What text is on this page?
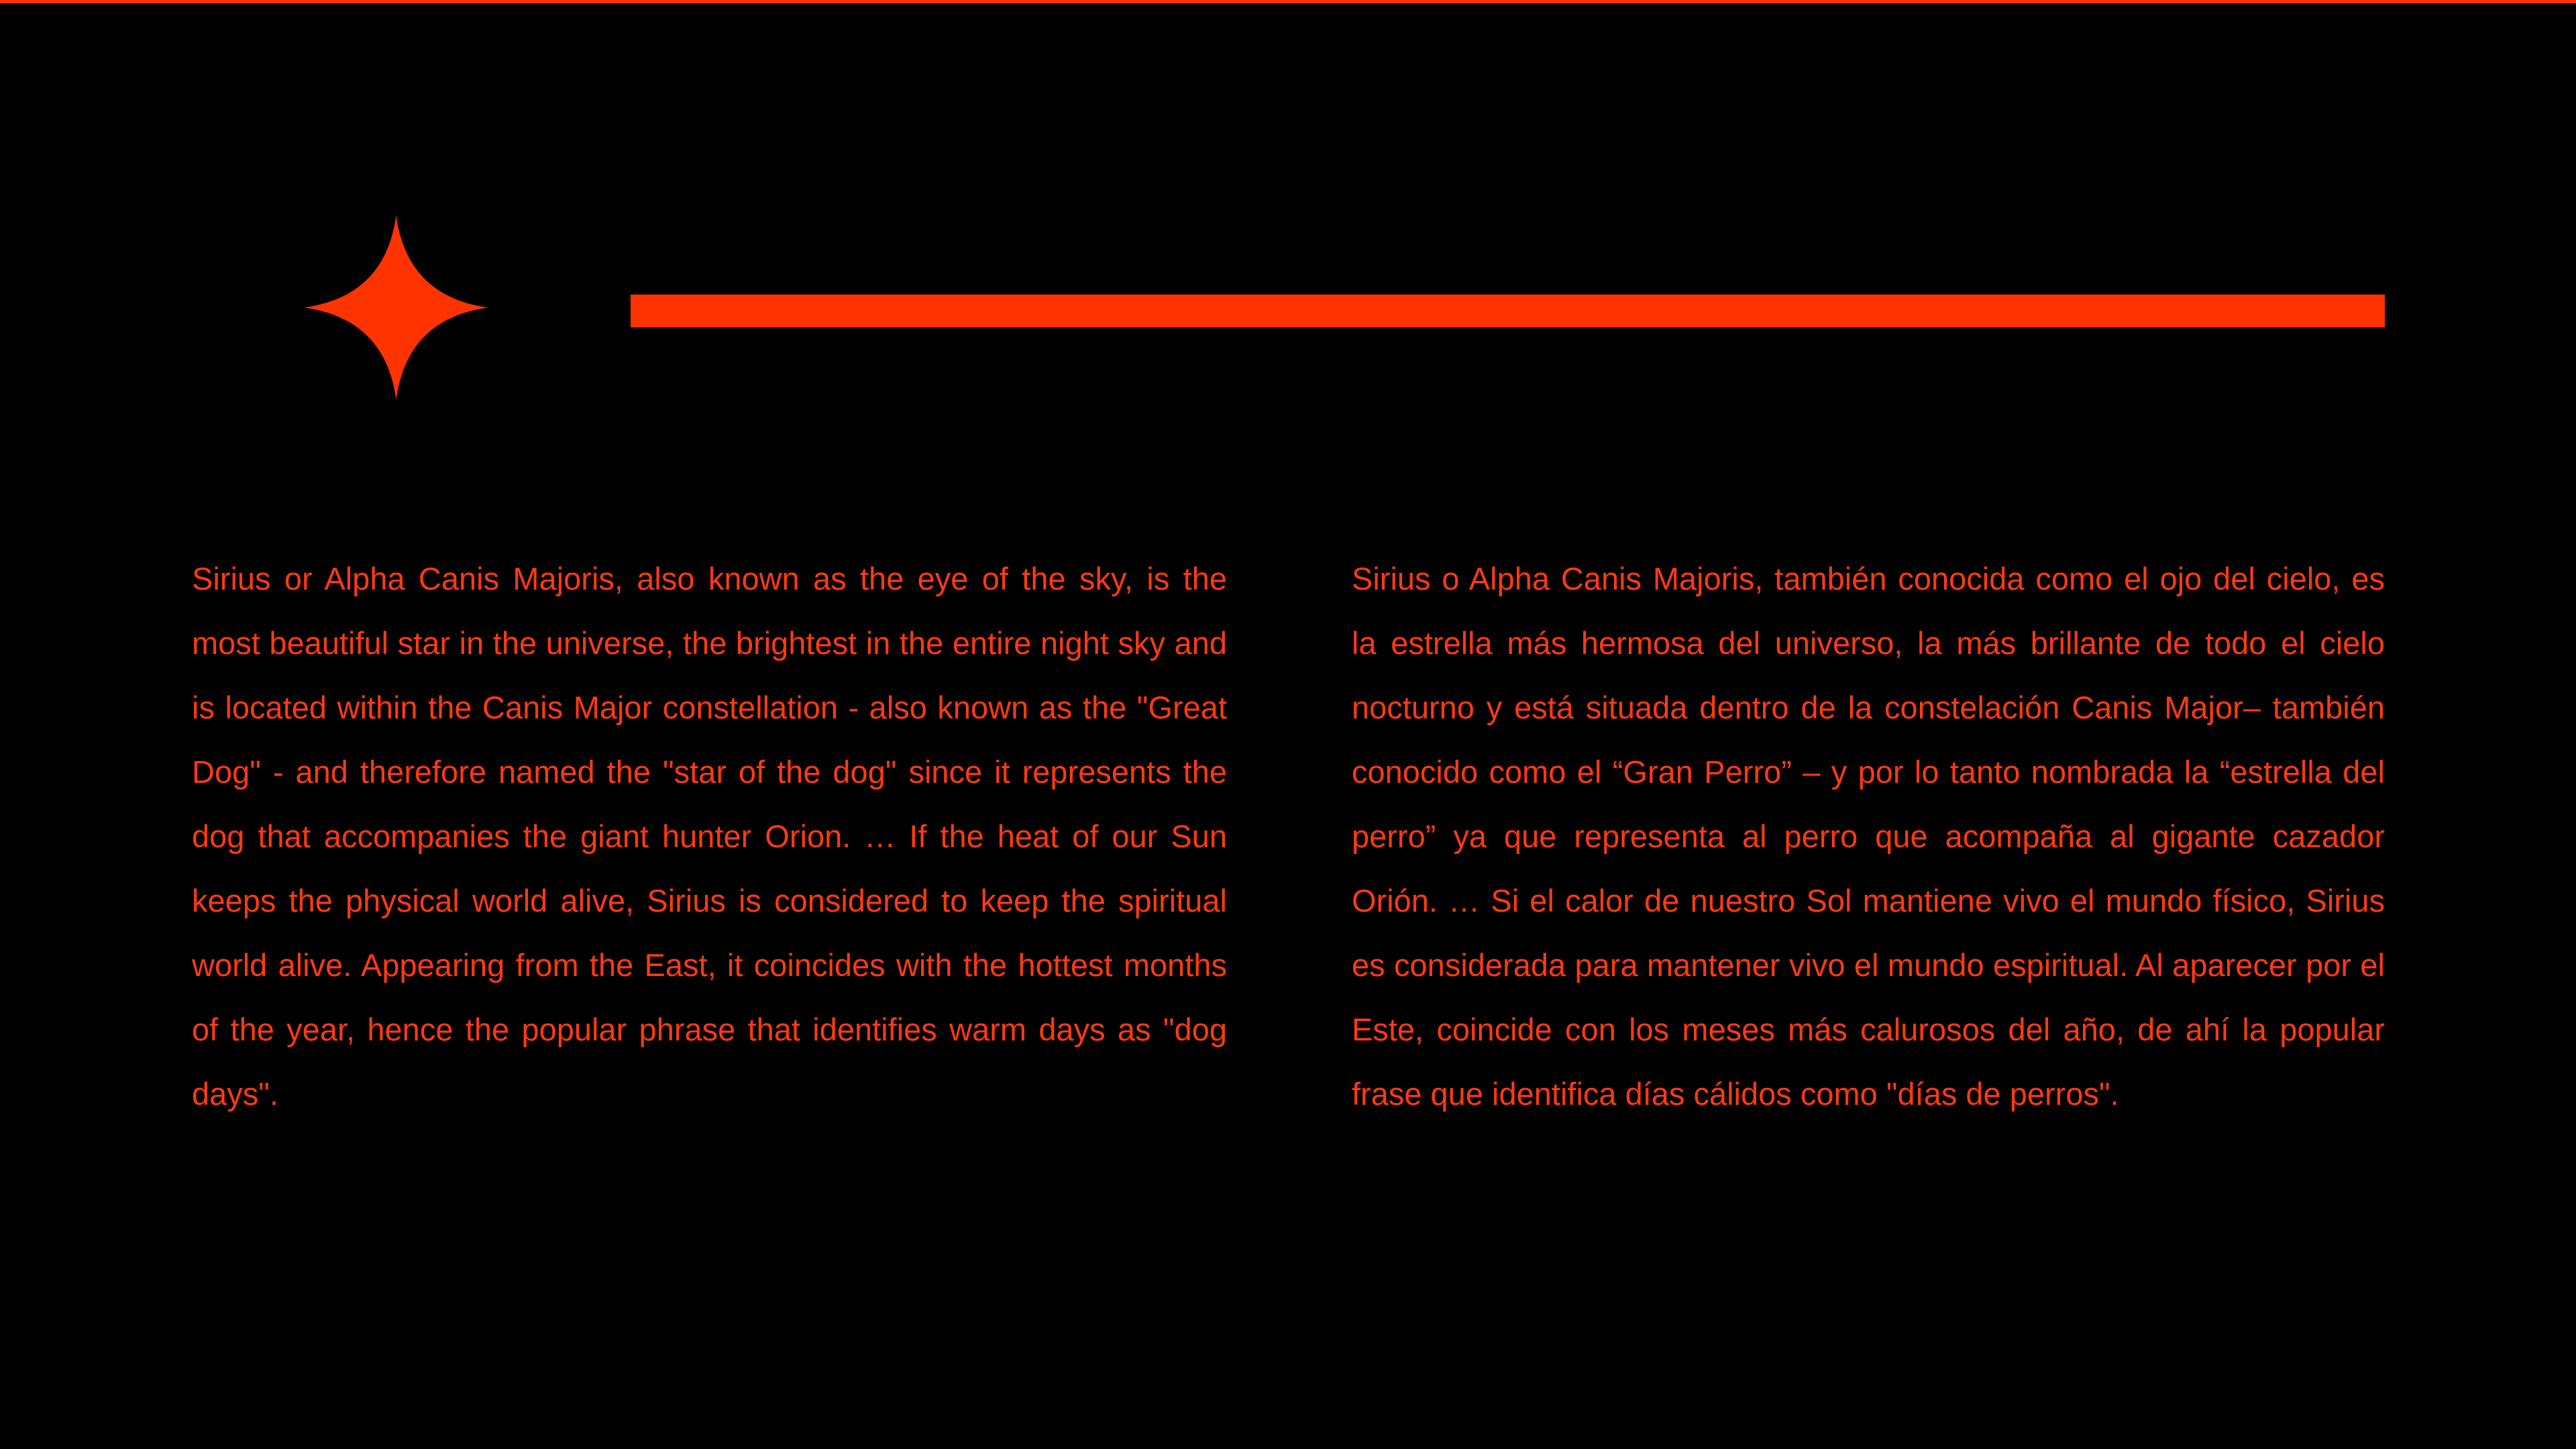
Sirius or Alpha Canis Majoris, also known as the eye of the sky, is the most beautiful star in the universe, the brightest in the entire night sky and is located within the Canis Major constellation - also known as the "Great Dog" - and therefore named the "star of the dog" since it represents the dog that accompanies the giant hunter Orion. … If the heat of our Sun keeps the physical world alive, Sirius is considered to keep the spiritual world alive. Appearing from the East, it coincides with the hottest months of the year, hence the popular phrase that identifies warm days as "dog days".

Sirius o Alpha Canis Majoris, también conocida como el ojo del cielo, es la estrella más hermosa del universo, la más brillante de todo el cielo nocturno y está situada dentro de la constelación Canis Major– también conocido como el “Gran Perro” – y por lo tanto nombrada la “estrella del perro” ya que representa al perro que acompaña al gigante cazador Orión. … Si el calor de nuestro Sol mantiene vivo el mundo físico, Sirius es considerada para mantener vivo el mundo espiritual. Al aparecer por el Este, coincide con los meses más calurosos del año, de ahí la popular frase que identifica días cálidos como "días de perros".
